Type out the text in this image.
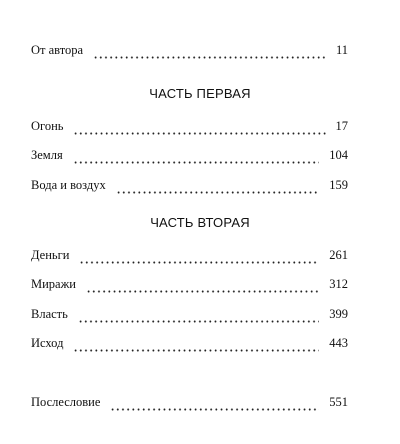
От автора	11
ЧАСТЬ ПЕРВАЯ
Огонь	17
Земля	104
Вода и воздух	159
ЧАСТЬ ВТОРАЯ
Деньги	261
Миражи	312
Власть	399
Исход	443
Послесловие	551
